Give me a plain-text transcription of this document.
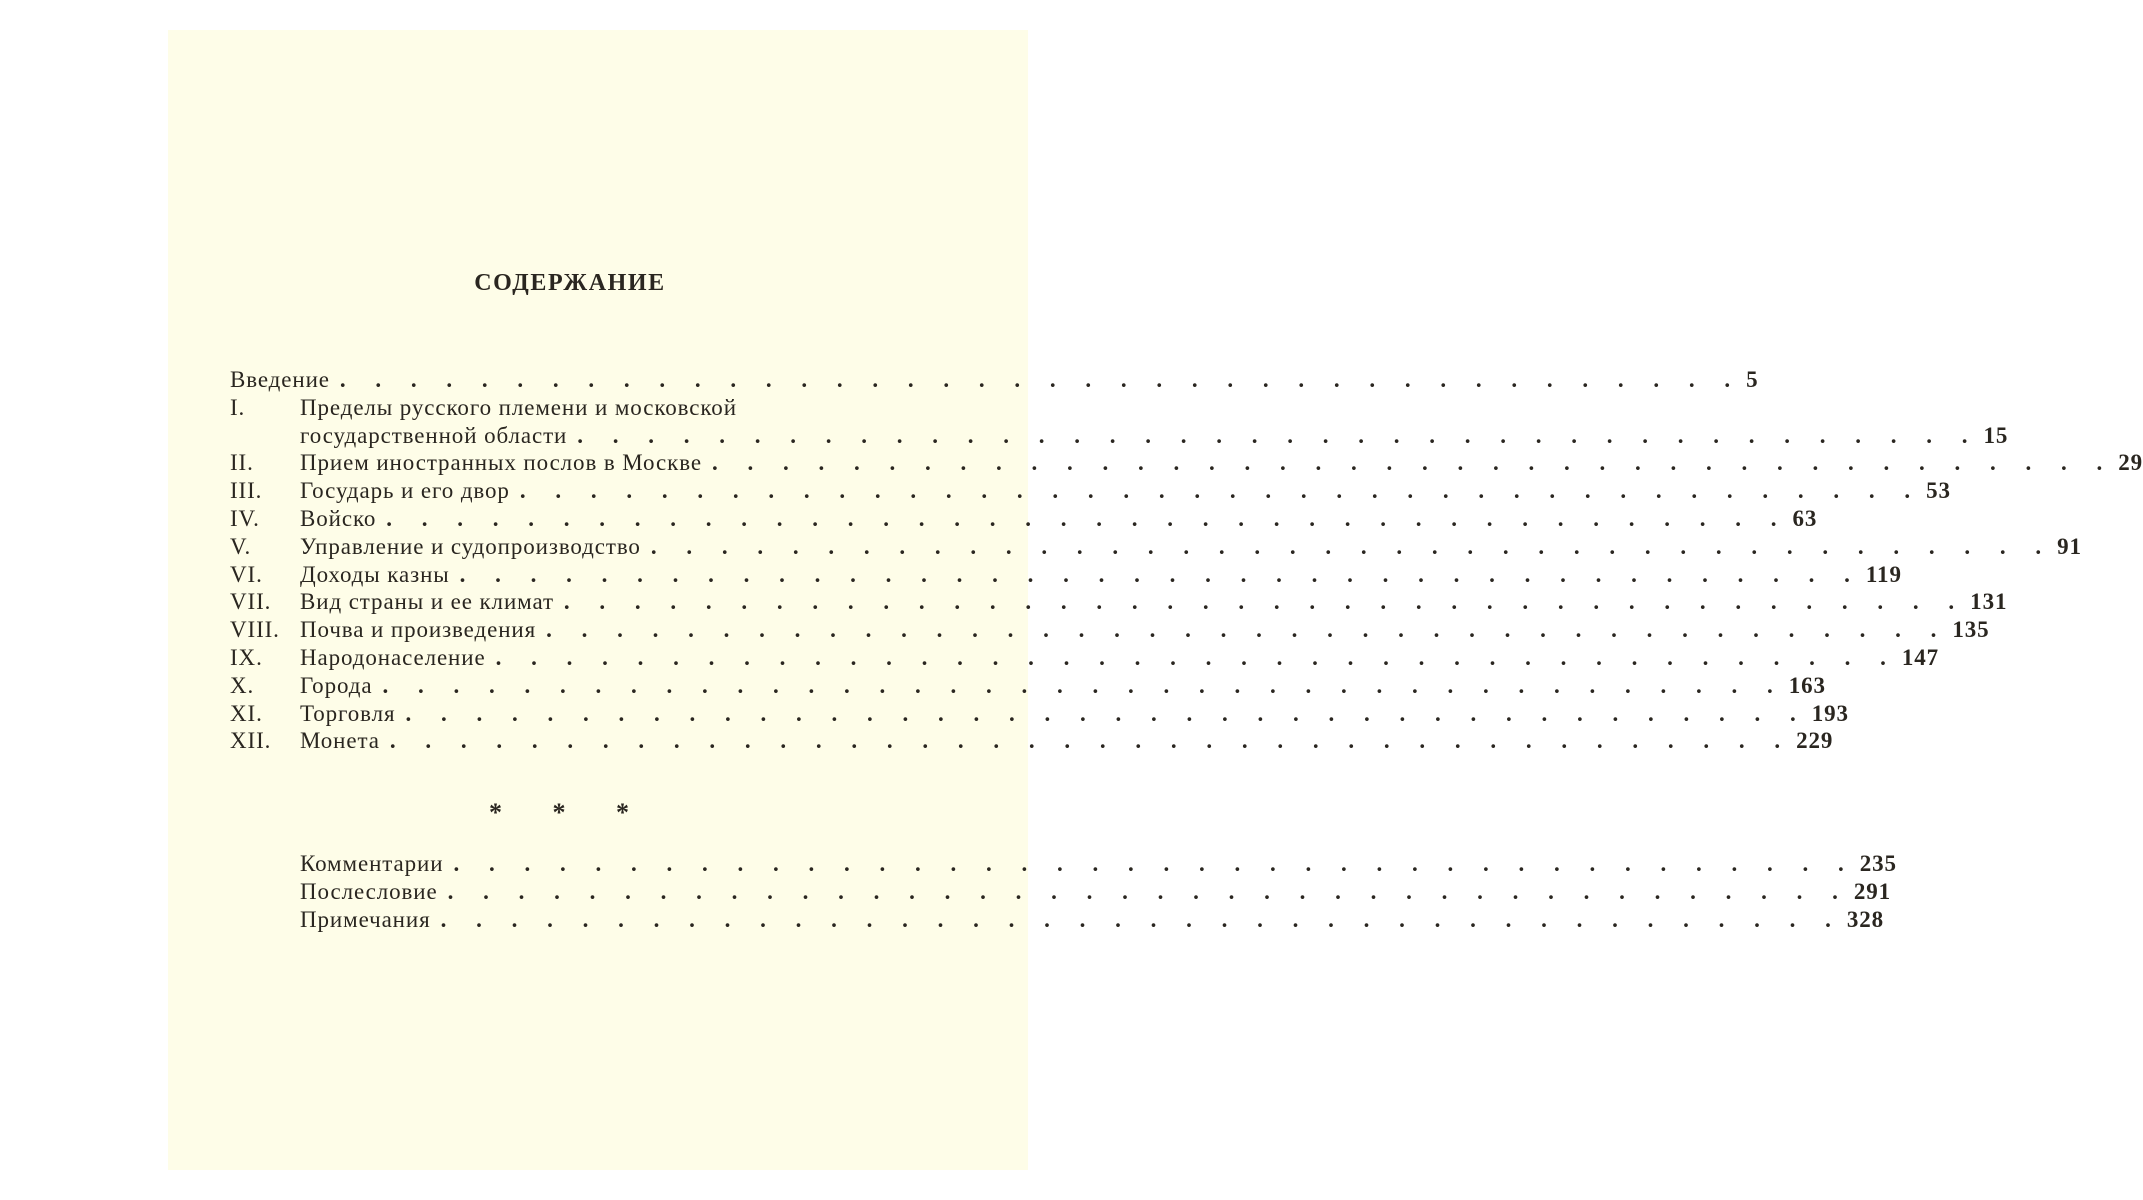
СОДЕРЖАНИЕ
Введение . . . . . . . . . . . . . . . . . . . . . . . . . . . . . . . . . . . . . . . . 5
I.	Пределы русского племени и московской
государственной области . . . . . . . . . . . . . . . . . . . . . . . . . . . . . . . . . . . . . . . . 15
II.	Прием иностранных послов в Москве . . . . . . . . . . . . . . . . . . . . . . . . . . . . . . . . . . . . . . . . 29
III.	Государь и его двор . . . . . . . . . . . . . . . . . . . . . . . . . . . . . . . . . . . . . . . . 53
IV.	Войско . . . . . . . . . . . . . . . . . . . . . . . . . . . . . . . . . . . . . . . . 63
V.	Управление и судопроизводство . . . . . . . . . . . . . . . . . . . . . . . . . . . . . . . . . . . . . . . . 91
VI.	Доходы казны . . . . . . . . . . . . . . . . . . . . . . . . . . . . . . . . . . . . . . . . 119
VII.	Вид страны и ее климат . . . . . . . . . . . . . . . . . . . . . . . . . . . . . . . . . . . . . . . . 131
VIII. Почва и произведения . . . . . . . . . . . . . . . . . . . . . . . . . . . . . . . . . . . . . . . . 135
IX.	Народонаселение . . . . . . . . . . . . . . . . . . . . . . . . . . . . . . . . . . . . . . . . 147
X.	Города . . . . . . . . . . . . . . . . . . . . . . . . . . . . . . . . . . . . . . . . 163
XI.	Торговля . . . . . . . . . . . . . . . . . . . . . . . . . . . . . . . . . . . . . . . . 193
XII.	Монета . . . . . . . . . . . . . . . . . . . . . . . . . . . . . . . . . . . . . . . . 229
* * *
Комментарии . . . . . . . . . . . . . . . . . . . . . . . . . . . . . . . . . . . . . . . . 235
Послесловие . . . . . . . . . . . . . . . . . . . . . . . . . . . . . . . . . . . . . . . . 291
Примечания . . . . . . . . . . . . . . . . . . . . . . . . . . . . . . . . . . . . . . . . 328
